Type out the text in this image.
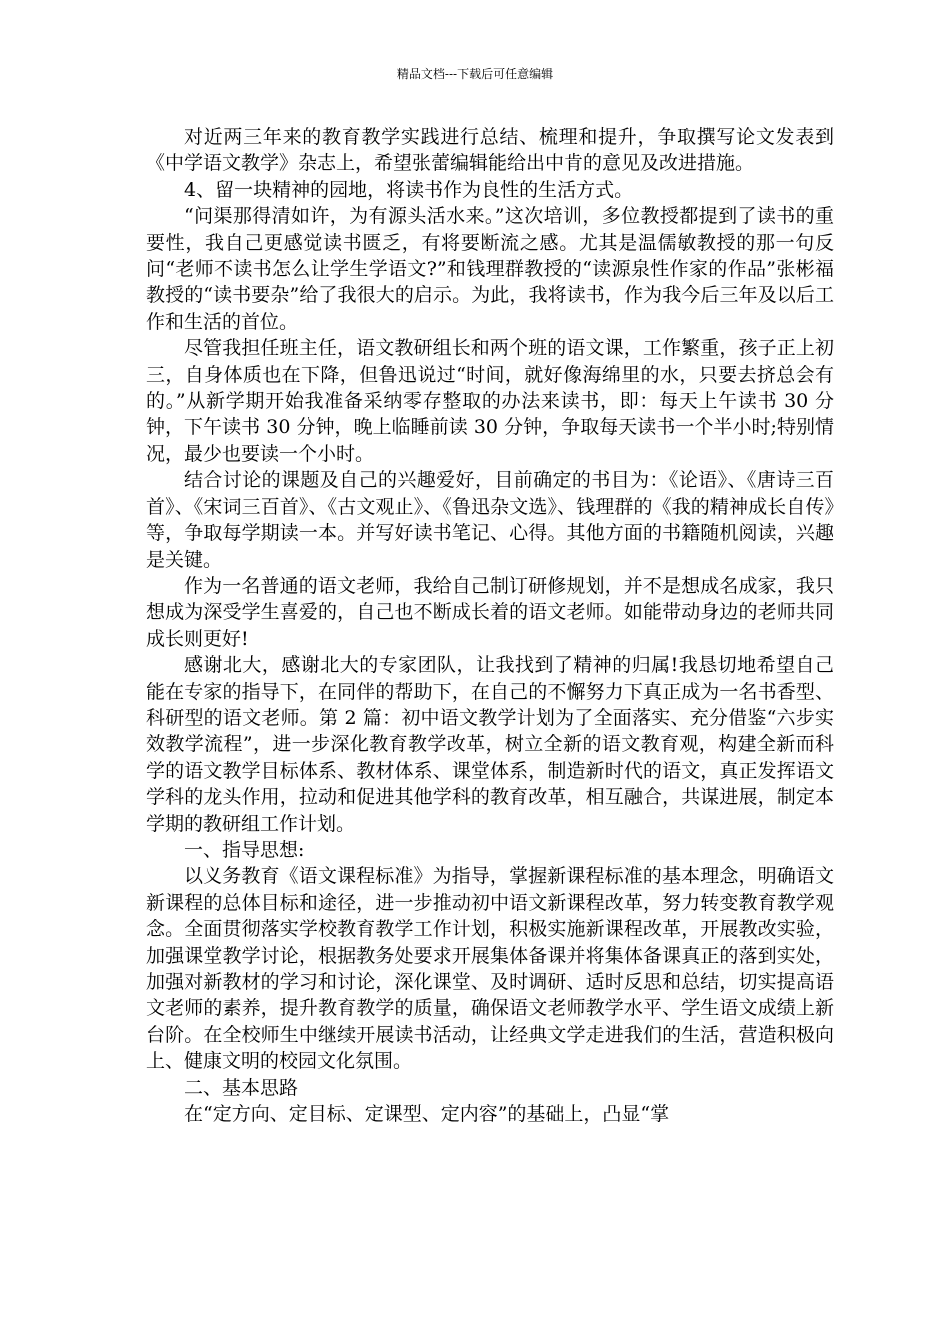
精品文档---下载后可任意编辑

对近两三年来的教育教学实践进行总结、梳理和提升，争取撰写论文发表到《中学语文教学》杂志上，希望张蕾编辑能给出中肯的意见及改进措施。

4、留一块精神的园地，将读书作为良性的生活方式。

“问渠那得清如许，为有源头活水来。”这次培训，多位教授都提到了读书的重要性，我自己更感觉读书匮乏，有将要断流之感。尤其是温儒敏教授的那一句反问“老师不读书怎么让学生学语文?”和钱理群教授的“读源泉性作家的作品”张彬福教授的“读书要杂”给了我很大的启示。为此，我将读书，作为我今后三年及以后工作和生活的首位。

尽管我担任班主任，语文教研组长和两个班的语文课，工作繁重，孩子正上初三，自身体质也在下降，但鲁迅说过“时间，就好像海绵里的水，只要去挤总会有的。”从新学期开始我准备采纳零存整取的办法来读书，即：每天上午读书 30 分钟，下午读书 30 分钟，晚上临睡前读 30 分钟，争取每天读书一个半小时;特别情况，最少也要读一个小时。

结合讨论的课题及自己的兴趣爱好，目前确定的书目为：《论语》、《唐诗三百首》、《宋词三百首》、《古文观止》、《鲁迅杂文选》、钱理群的《我的精神成长自传》等，争取每学期读一本。并写好读书笔记、心得。其他方面的书籍随机阅读，兴趣是关键。

作为一名普通的语文老师，我给自己制订研修规划，并不是想成名成家，我只想成为深受学生喜爱的，自己也不断成长着的语文老师。如能带动身边的老师共同成长则更好!

感谢北大，感谢北大的专家团队，让我找到了精神的归属!我恳切地希望自己能在专家的指导下，在同伴的帮助下，在自己的不懈努力下真正成为一名书香型、科研型的语文老师。第 2 篇：初中语文教学计划为了全面落实、充分借鉴“六步实效教学流程”，进一步深化教育教学改革，树立全新的语文教育观，构建全新而科学的语文教学目标体系、教材体系、课堂体系，制造新时代的语文，真正发挥语文学科的龙头作用，拉动和促进其他学科的教育改革，相互融合，共谋进展，制定本学期的教研组工作计划。

一、指导思想:

以义务教育《语文课程标准》为指导，掌握新课程标准的基本理念，明确语文新课程的总体目标和途径，进一步推动初中语文新课程改革，努力转变教育教学观念。全面贯彻落实学校教育教学工作计划，积极实施新课程改革，开展教改实验，加强课堂教学讨论，根据教务处要求开展集体备课并将集体备课真正的落到实处，加强对新教材的学习和讨论，深化课堂、及时调研、适时反思和总结，切实提高语文老师的素养，提升教育教学的质量，确保语文老师教学水平、学生语文成绩上新台阶。在全校师生中继续开展读书活动，让经典文学走进我们的生活，营造积极向上、健康文明的校园文化氛围。

二、基本思路

在“定方向、定目标、定课型、定内容”的基础上，凸显“掌
